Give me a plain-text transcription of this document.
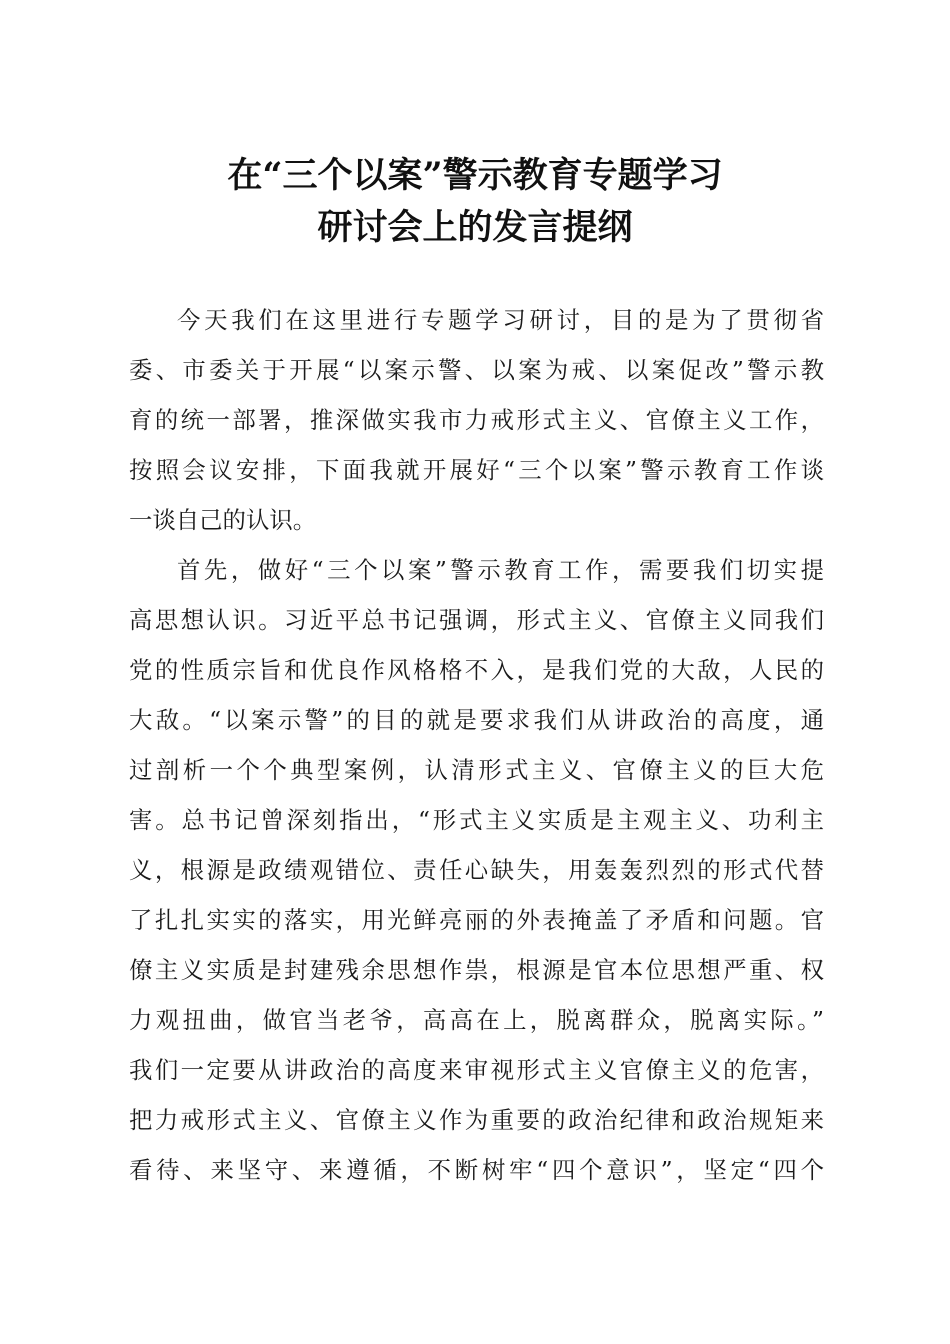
在“三个以案”警示教育专题学习
研讨会上的发言提纲
今天我们在这里进行专题学习研讨，目的是为了贯彻省
委、市委关于开展“以案示警、以案为戒、以案促改”警示教
育的统一部署，推深做实我市力戒形式主义、官僚主义工作，
按照会议安排，下面我就开展好“三个以案”警示教育工作谈
一谈自己的认识。
首先，做好“三个以案”警示教育工作，需要我们切实提
高思想认识。习近平总书记强调，形式主义、官僚主义同我们
党的性质宗旨和优良作风格格不入，是我们党的大敌，人民的
大敌。“以案示警”的目的就是要求我们从讲政治的高度，通
过剖析一个个典型案例，认清形式主义、官僚主义的巨大危
害。总书记曾深刻指出，“形式主义实质是主观主义、功利主
义，根源是政绩观错位、责任心缺失，用轰轰烈烈的形式代替
了扎扎实实的落实，用光鲜亮丽的外表掩盖了矛盾和问题。官
僚主义实质是封建残余思想作祟，根源是官本位思想严重、权
力观扭曲，做官当老爷，高高在上，脱离群众，脱离实际。”
我们一定要从讲政治的高度来审视形式主义官僚主义的危害，
把力戒形式主义、官僚主义作为重要的政治纪律和政治规矩来
看待、来坚守、来遵循，不断树牢“四个意识”，坚定“四个
